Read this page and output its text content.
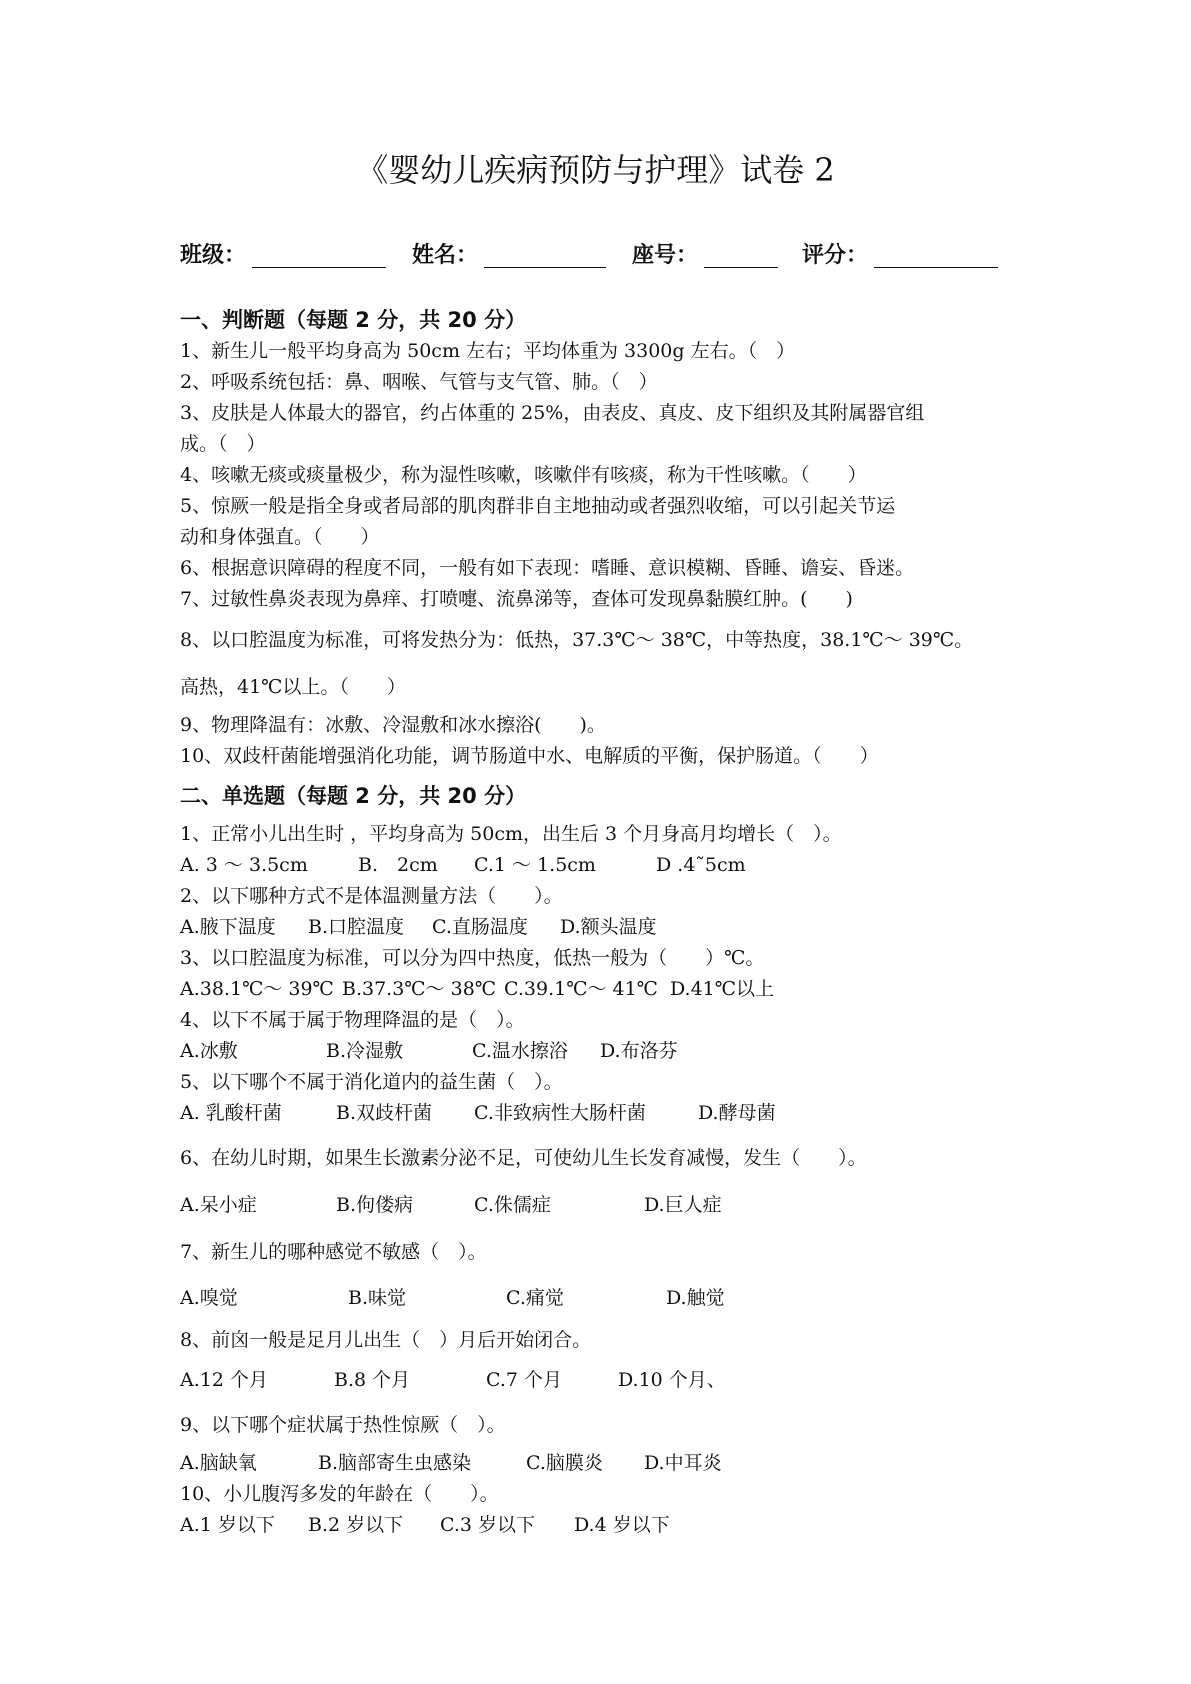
《婴幼儿疾病预防与护理》试卷 2
班级：	姓名：	座号：	评分：
一、判断题（每题 2 分，共 20 分）
1、新生儿一般平均身高为 50cm 左右；平均体重为 3300g 左右。（　）
2、呼吸系统包括：鼻、咽喉、气管与支气管、肺。（　）
3、皮肤是人体最大的器官，约占体重的 25%，由表皮、真皮、皮下组织及其附属器官组
成。（　）
4、咳嗽无痰或痰量极少，称为湿性咳嗽，咳嗽伴有咳痰，称为干性咳嗽。（　　）
5、惊厥一般是指全身或者局部的肌肉群非自主地抽动或者强烈收缩，可以引起关节运
动和身体强直。（　　）
6、根据意识障碍的程度不同，一般有如下表现：嗜睡、意识模糊、昏睡、谵妄、昏迷。
7、过敏性鼻炎表现为鼻痒、打喷嚏、流鼻涕等，查体可发现鼻黏膜红肿。(　　)
8、以口腔温度为标准，可将发热分为：低热，37.3℃～ 38℃，中等热度，38.1℃～ 39℃。
高热，41℃以上。（　　）
9、物理降温有：冰敷、冷湿敷和冰水擦浴(　　)。
10、双歧杆菌能增强消化功能，调节肠道中水、电解质的平衡，保护肠道。（　　）
二、单选题（每题 2 分，共 20 分）
1、正常小儿出生时 ，平均身高为 50cm，出生后 3 个月身高月均增长（　）。
A. 3 ～ 3.5cm	B.　2cm C.1 ～ 1.5cm	D .4˜5cm
2、以下哪种方式不是体温测量方法（　　）。
A.腋下温度 B.口腔温度 C.直肠温度 D.额头温度
3、以口腔温度为标准，可以分为四中热度，低热一般为（　　）℃。
A.38.1℃～ 39℃ B.37.3℃～ 38℃ C.39.1℃～ 41℃ D.41℃以上
4、以下不属于属于物理降温的是（　）。
A.冰敷	B.冷湿敷	C.温水擦浴 D.布洛芬
5、以下哪个不属于消化道内的益生菌（　）。
A. 乳酸杆菌	B.双歧杆菌 C.非致病性大肠杆菌	D.酵母菌
6、在幼儿时期，如果生长激素分泌不足，可使幼儿生长发育减慢，发生（　　）。
A.呆小症	B.佝偻病	C.侏儒症	D.巨人症
7、新生儿的哪种感觉不敏感（　）。
A.嗅觉	B.味觉	C.痛觉	D.触觉
8、前囟一般是足月儿出生（　）月后开始闭合。
A.12 个月	B.8 个月	C.7 个月	D.10 个月、
9、以下哪个症状属于热性惊厥（　）。
A.脑缺氧	B.脑部寄生虫感染	C.脑膜炎 D.中耳炎
10、小儿腹泻多发的年龄在（　　）。
A.1 岁以下 B.2 岁以下 C.3 岁以下 D.4 岁以下
